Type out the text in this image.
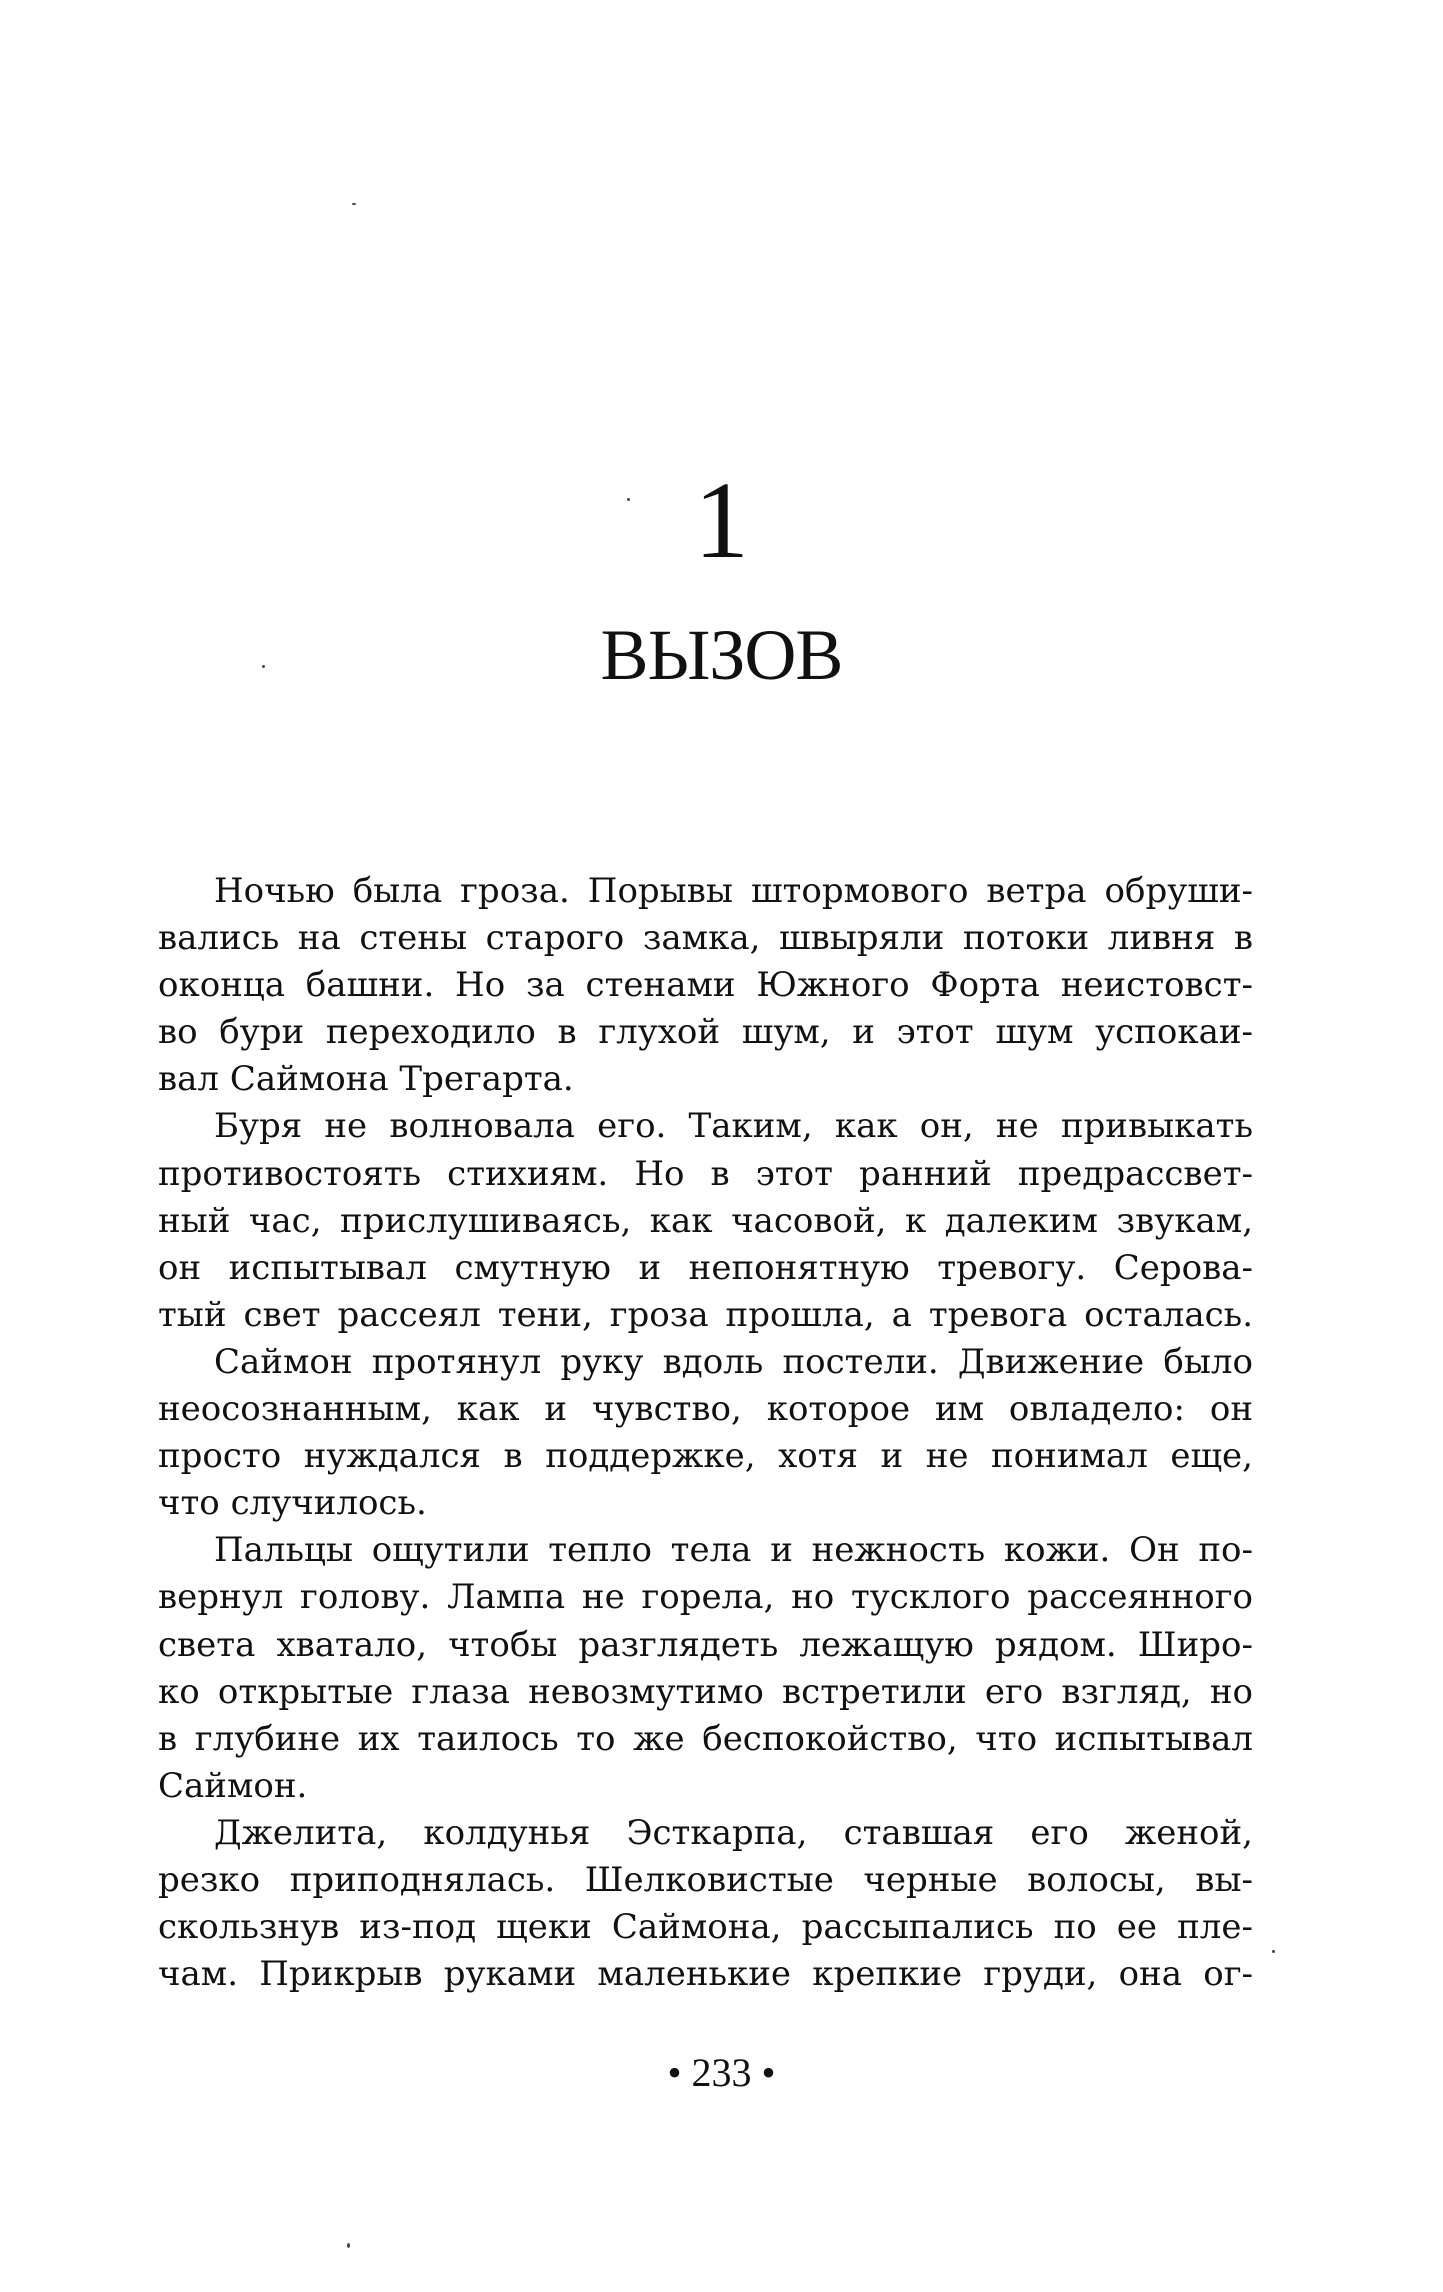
1
ВЫЗОВ
Ночью была гроза. Порывы штормового ветра обруши-
вались на стены старого замка, швыряли потоки ливня в
оконца башни. Но за стенами Южного Форта неистовст-
во бури переходило в глухой шум, и этот шум успокаи-
вал Саймона Трегарта.
Буря не волновала его. Таким, как он, не привыкать
противостоять стихиям. Но в этот ранний предрассвет-
ный час, прислушиваясь, как часовой, к далеким звукам,
он испытывал смутную и непонятную тревогу. Серова-
тый свет рассеял тени, гроза прошла, а тревога осталась.
Саймон протянул руку вдоль постели. Движение было
неосознанным, как и чувство, которое им овладело: он
просто нуждался в поддержке, хотя и не понимал еще,
что случилось.
Пальцы ощутили тепло тела и нежность кожи. Он по-
вернул голову. Лампа не горела, но тусклого рассеянного
света хватало, чтобы разглядеть лежащую рядом. Широ-
ко открытые глаза невозмутимо встретили его взгляд, но
в глубине их таилось то же беспокойство, что испытывал
Саймон.
Джелита, колдунья Эсткарпа, ставшая его женой,
резко приподнялась. Шелковистые черные волосы, вы-
скользнув из-под щеки Саймона, рассыпались по ее пле-
чам. Прикрыв руками маленькие крепкие груди, она ог-
• 233 •
